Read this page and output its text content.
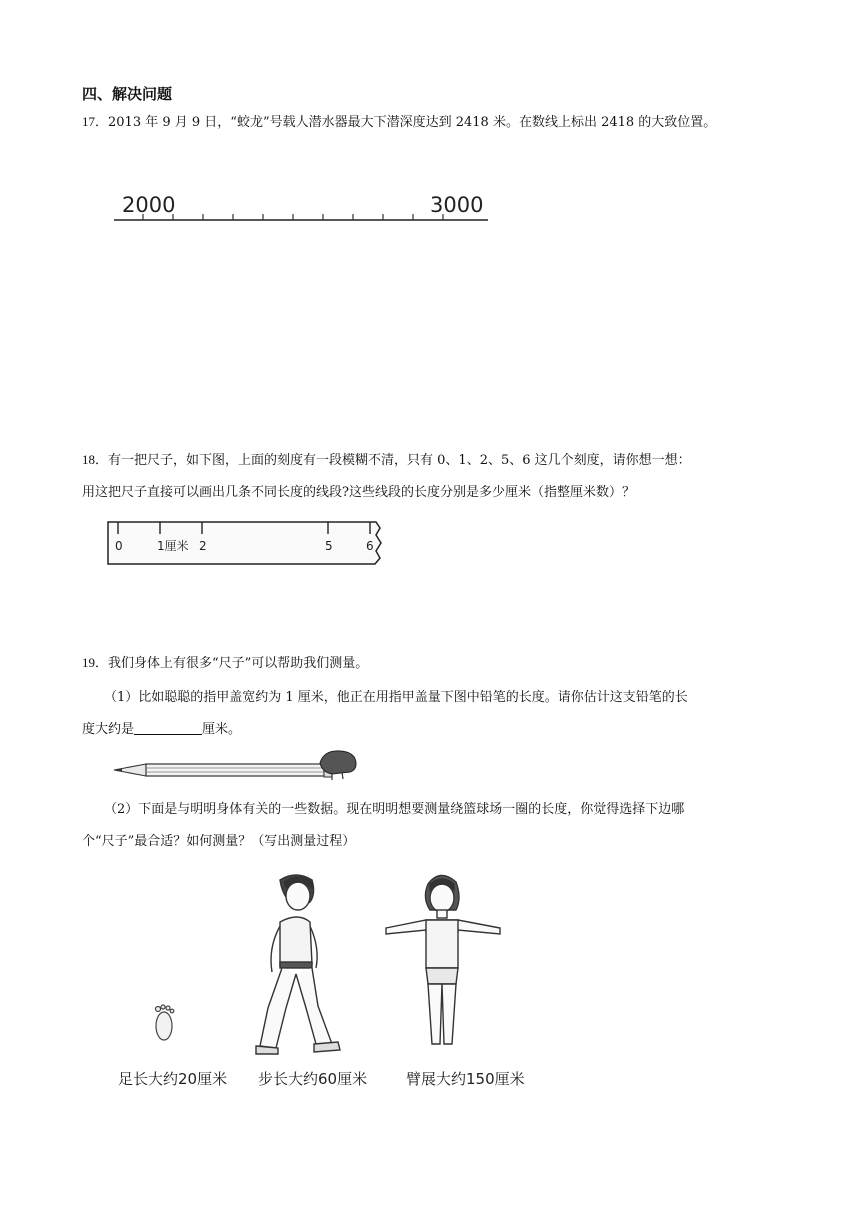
四、解决问题
17．2013 年 9 月 9 日，“蛟龙”号载人潜水器最大下潜深度达到 2418 米。在数线上标出 2418 的大致位置。
2000	3000
18．有一把尺子，如下图，上面的刻度有一段模糊不清，只有 0、1、2、5、6 这几个刻度，请你想一想：
用这把尺子直接可以画出几条不同长度的线段?这些线段的长度分别是多少厘米（指整厘米数）？
0	1厘米 2	5	6
19．我们身体上有很多“尺子”可以帮助我们测量。
（1）比如聪聪的指甲盖宽约为 1 厘米，他正在用指甲盖量下图中铅笔的长度。请你估计这支铅笔的长
度大约是	厘米。
（2）下面是与明明身体有关的一些数据。现在明明想要测量绕篮球场一圈的长度，你觉得选择下边哪
个“尺子”最合适？如何测量？（写出测量过程）
足长大约20厘米 步长大约60厘米	臂展大约150厘米
